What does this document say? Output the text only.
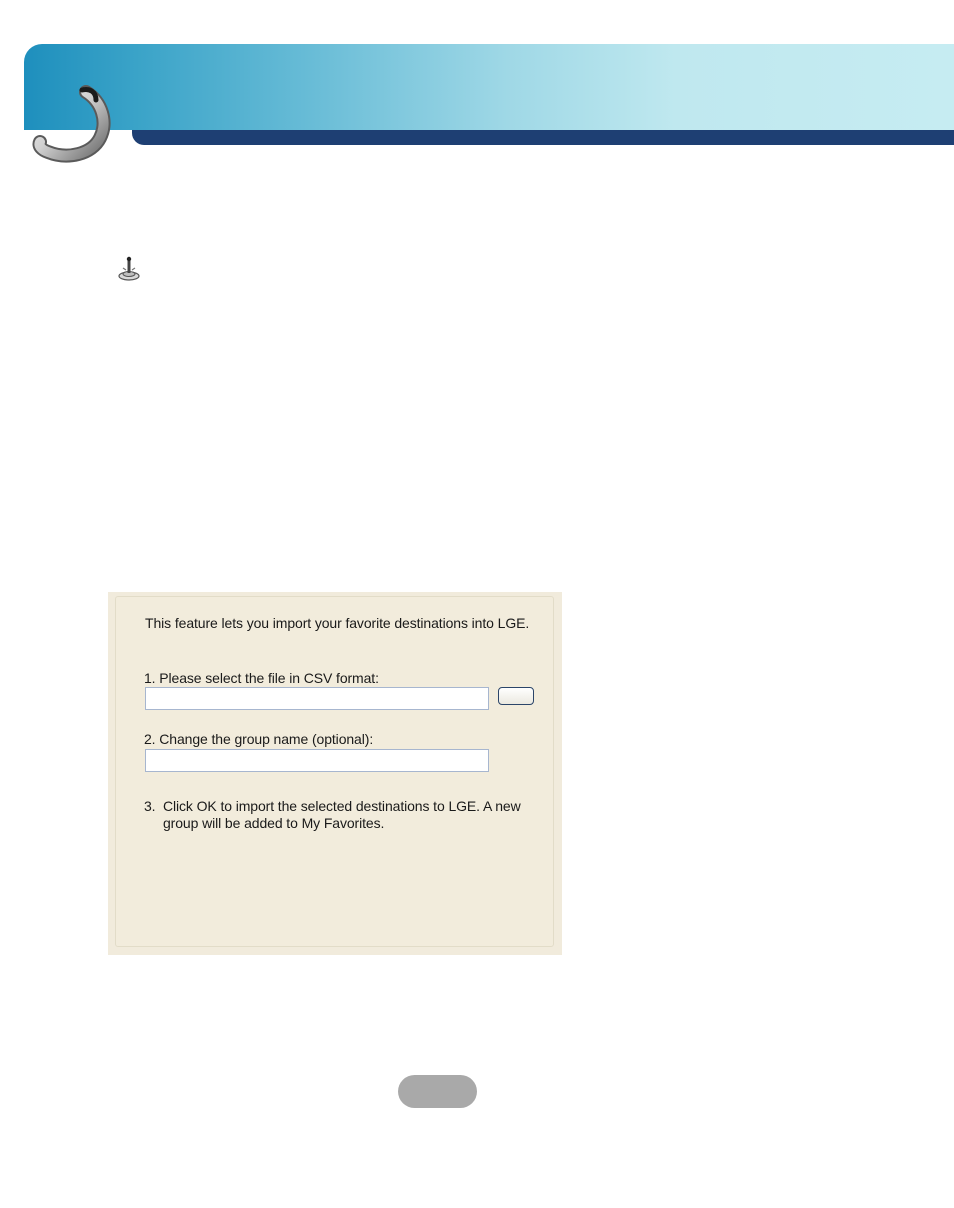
This feature lets you import your favorite destinations into LGE.
1. Please select the file in CSV format:
2. Change the group name (optional):
3. Click OK to import the selected destinations to LGE. A new group will be added to My Favorites.
